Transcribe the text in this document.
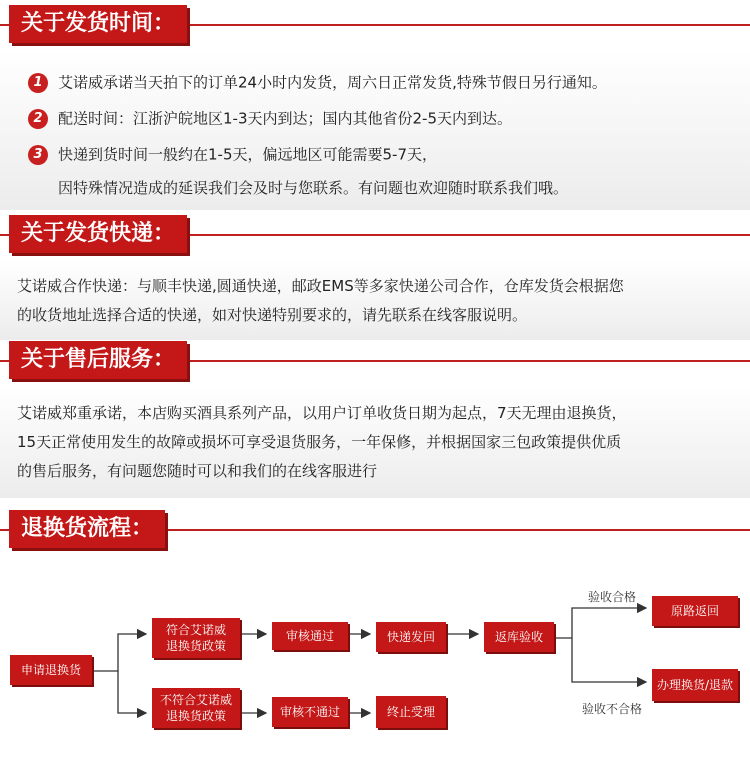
关于发货时间：
1 艾诺威承诺当天拍下的订单24小时内发货，周六日正常发货,特殊节假日另行通知。
2 配送时间：江浙沪皖地区1-3天内到达；国内其他省份2-5天内到达。
3 快递到货时间一般约在1-5天，偏远地区可能需要5-7天，
因特殊情况造成的延误我们会及时与您联系。有问题也欢迎随时联系我们哦。
关于发货快递：
艾诺威合作快递：与顺丰快递,圆通快递，邮政EMS等多家快递公司合作，仓库发货会根据您
的收货地址选择合适的快递，如对快递特别要求的，请先联系在线客服说明。
关于售后服务：
艾诺威郑重承诺，本店购买酒具系列产品，以用户订单收货日期为起点，7天无理由退换货，
15天正常使用发生的故障或损坏可享受退货服务，一年保修，并根据国家三包政策提供优质
的售后服务，有问题您随时可以和我们的在线客服进行
退换货流程：
申请退换货
符合艾诺威退换货政策
不符合艾诺威退换货政策
审核通过
审核不通过
快递发回
终止受理
返库验收
原路返回
办理换货/退款
验收合格
验收不合格
